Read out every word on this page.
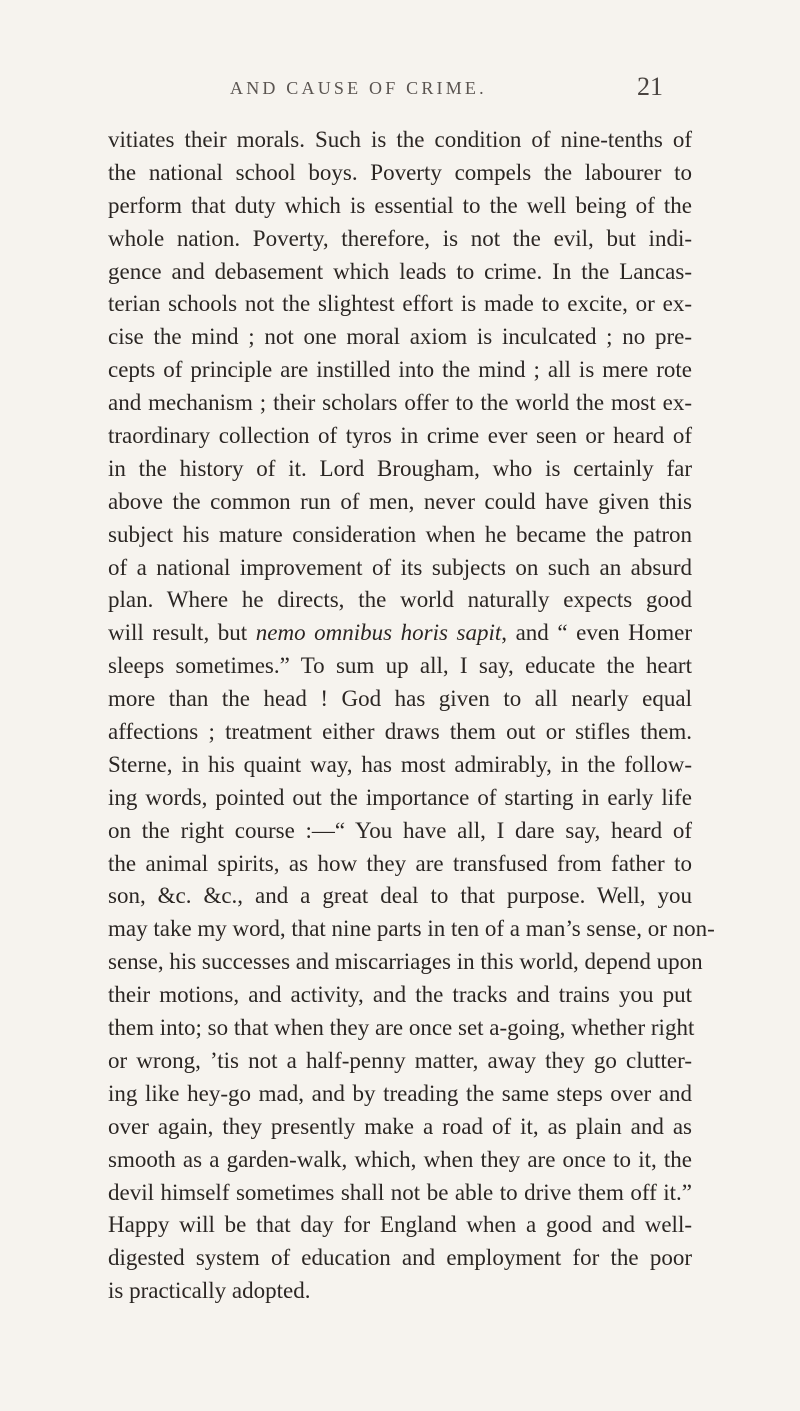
AND CAUSE OF CRIME.	21
vitiates their morals. Such is the condition of nine-tenths of
the national school boys. Poverty compels the labourer to
perform that duty which is essential to the well being of the
whole nation. Poverty, therefore, is not the evil, but indi-
gence and debasement which leads to crime. In the Lancas-
terian schools not the slightest effort is made to excite, or ex-
cise the mind ; not one moral axiom is inculcated ; no pre-
cepts of principle are instilled into the mind ; all is mere rote
and mechanism ; their scholars offer to the world the most ex-
traordinary collection of tyros in crime ever seen or heard of
in the history of it. Lord Brougham, who is certainly far
above the common run of men, never could have given this
subject his mature consideration when he became the patron
of a national improvement of its subjects on such an absurd
plan. Where he directs, the world naturally expects good
will result, but nemo omnibus horis sapit, and “ even Homer
sleeps sometimes.” To sum up all, I say, educate the heart
more than the head ! God has given to all nearly equal
affections ; treatment either draws them out or stifles them.
Sterne, in his quaint way, has most admirably, in the follow-
ing words, pointed out the importance of starting in early life
on the right course :—“ You have all, I dare say, heard of
the animal spirits, as how they are transfused from father to
son, &c. &c., and a great deal to that purpose. Well, you
may take my word, that nine parts in ten of a man’s sense, or non-
sense, his successes and miscarriages in this world, depend upon
their motions, and activity, and the tracks and trains you put
them into; so that when they are once set a-going, whether right
or wrong, ’tis not a half-penny matter, away they go clutter-
ing like hey-go mad, and by treading the same steps over and
over again, they presently make a road of it, as plain and as
smooth as a garden-walk, which, when they are once to it, the
devil himself sometimes shall not be able to drive them off it.”
Happy will be that day for England when a good and well-
digested system of education and employment for the poor
is practically adopted.
